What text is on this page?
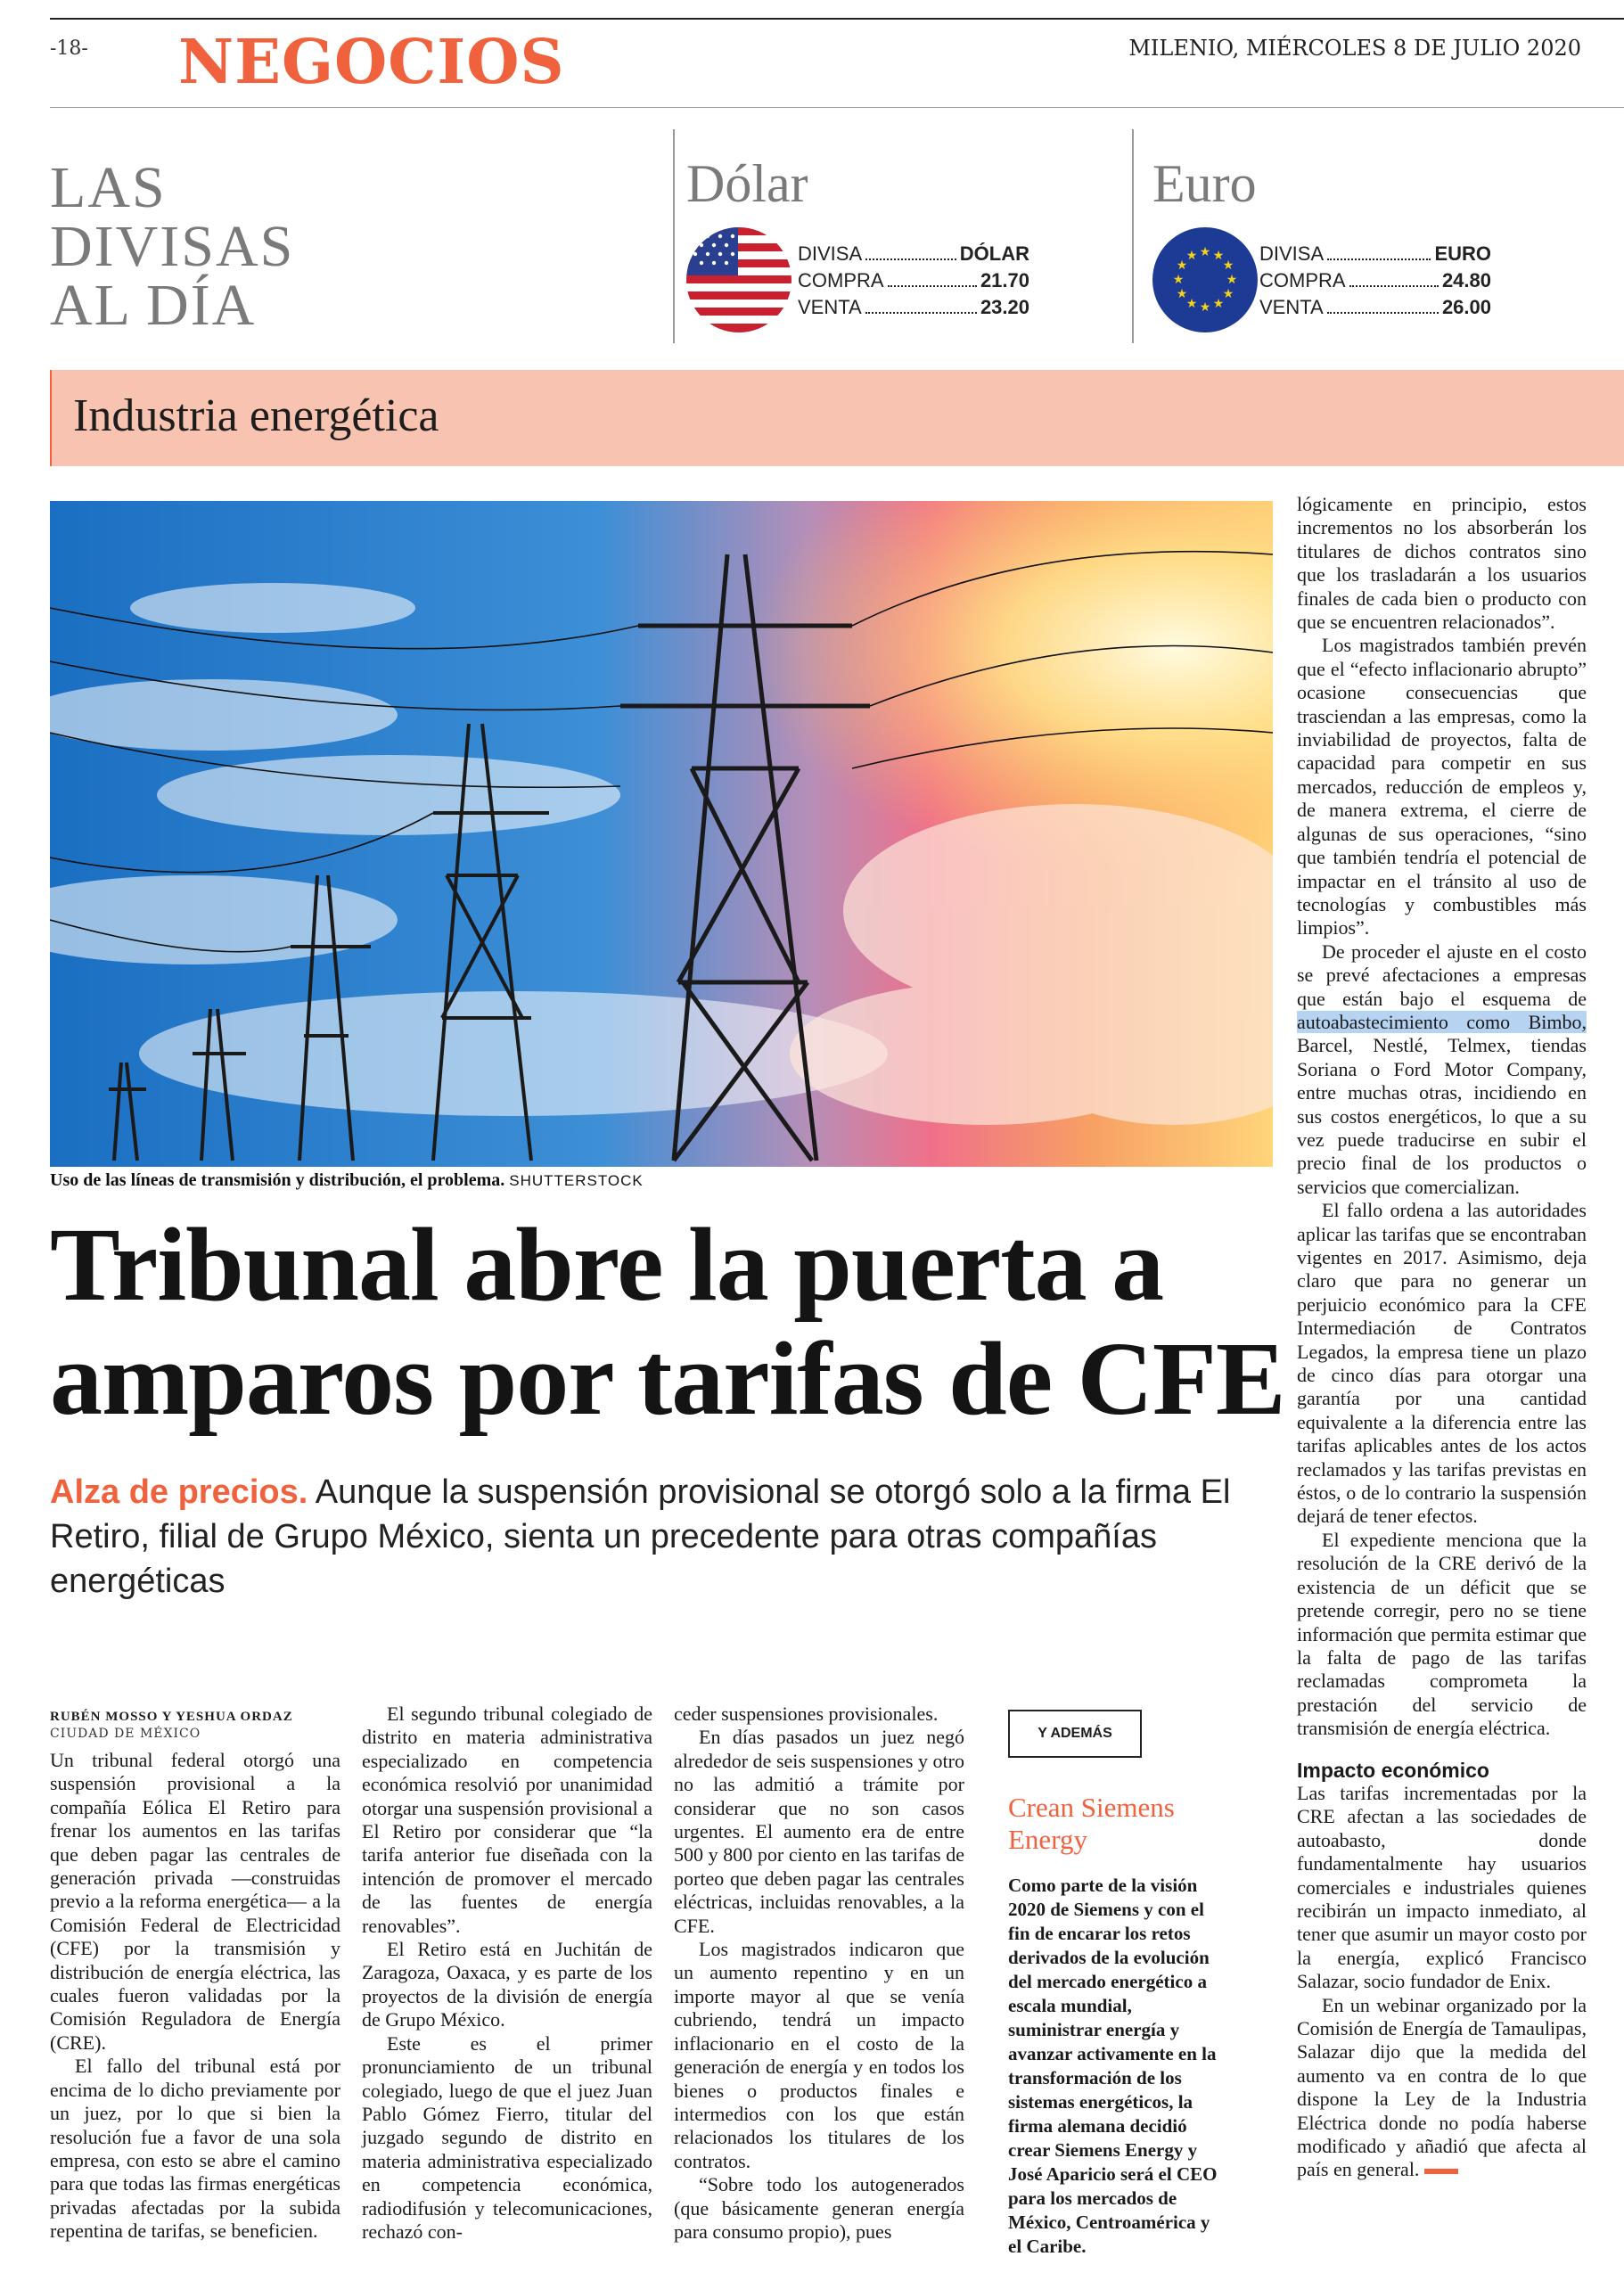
-18- NEGOCIOS	MILENIO, MIÉRCOLES 8 DE JULIO 2020
LAS
DIVISAS
AL DÍA
Dólar
DIVISA	DÓLAR
COMPRA	21.70
VENTA	23.20
Euro
★ ★
★
★
★
★
★
★
★
★
★
★	DIVISA	EURO
COMPRA	24.80
VENTA	26.00
Industria energética
Uso de las líneas de transmisión y distribución, el problema. SHUTTERSTOCK
Tribunal abre la puerta a
amparos por tarifas de CFE
Alza de precios. Aunque la suspensión provisional se otorgó solo a la firma El Retiro, filial de Grupo México, sienta un precedente para otras compañías energéticas
RUBÉN MOSSO Y YESHUA ORDAZ
CIUDAD DE MÉXICO

Un tribunal federal otorgó una suspensión provisional a la compañía Eólica El Retiro para frenar los aumentos en las tarifas que deben pagar las centrales de generación privada —construidas previo a la reforma energética— a la Comisión Federal de Electricidad (CFE) por la transmisión y distribución de energía eléctrica, las cuales fueron validadas por la Comisión Reguladora de Energía (CRE).

El fallo del tribunal está por encima de lo dicho previamente por un juez, por lo que si bien la resolución fue a favor de una sola empresa, con esto se abre el camino para que todas las firmas energéticas privadas afectadas por la subida repentina de tarifas, se beneficien.

El segundo tribunal colegiado de distrito en materia administrativa especializado en competencia económica resolvió por unanimidad otorgar una suspensión provisional a El Retiro por considerar que “la tarifa anterior fue diseñada con la intención de promover el mercado de las fuentes de energía renovables”.

El Retiro está en Juchitán de Zaragoza, Oaxaca, y es parte de los proyectos de la división de energía de Grupo México.

Este es el primer pronunciamiento de un tribunal colegiado, luego de que el juez Juan Pablo Gómez Fierro, titular del juzgado segundo de distrito en materia administrativa especializado en competencia económica, radiodifusión y telecomunicaciones, rechazó con-

ceder suspensiones provisionales.

En días pasados un juez negó alrededor de seis suspensiones y otro no las admitió a trámite por considerar que no son casos urgentes. El aumento era de entre 500 y 800 por ciento en las tarifas de porteo que deben pagar las centrales eléctricas, incluidas renovables, a la CFE.

Los magistrados indicaron que un aumento repentino y en un importe mayor al que se venía cubriendo, tendrá un impacto inflacionario en el costo de la generación de energía y en todos los bienes o productos finales e intermedios con los que están relacionados los titulares de los contratos.

“Sobre todo los autogenerados (que básicamente generan energía para consumo propio), pues

Y ADEMÁS
Crean Siemens Energy
Como parte de la visión 2020 de Siemens y con el fin de encarar los retos derivados de la evolución del mercado energético a escala mundial, suministrar energía y avanzar activamente en la transformación de los sistemas energéticos, la firma alemana decidió crear Siemens Energy y José Aparicio será el CEO para los mercados de México, Centroamérica y el Caribe.

lógicamente en principio, estos incrementos no los absorberán los titulares de dichos contratos sino que los trasladarán a los usuarios finales de cada bien o producto con que se encuentren relacionados”.

Los magistrados también prevén que el “efecto inflacionario abrupto” ocasione consecuencias que trasciendan a las empresas, como la inviabilidad de proyectos, falta de capacidad para competir en sus mercados, reducción de empleos y, de manera extrema, el cierre de algunas de sus operaciones, “sino que también tendría el potencial de impactar en el tránsito al uso de tecnologías y combustibles más limpios”.

De proceder el ajuste en el costo se prevé afectaciones a empresas que están bajo el esquema de autoabastecimiento como Bimbo, Barcel, Nestlé, Telmex, tiendas Soriana o Ford Motor Company, entre muchas otras, incidiendo en sus costos energéticos, lo que a su vez puede traducirse en subir el precio final de los productos o servicios que comercializan.

El fallo ordena a las autoridades aplicar las tarifas que se encontraban vigentes en 2017. Asimismo, deja claro que para no generar un perjuicio económico para la CFE Intermediación de Contratos Legados, la empresa tiene un plazo de cinco días para otorgar una garantía por una cantidad equivalente a la diferencia entre las tarifas aplicables antes de los actos reclamados y las tarifas previstas en éstos, o de lo contrario la suspensión dejará de tener efectos.

El expediente menciona que la resolución de la CRE derivó de la existencia de un déficit que se pretende corregir, pero no se tiene información que permita estimar que la falta de pago de las tarifas reclamadas comprometa la prestación del servicio de transmisión de energía eléctrica.

Impacto económico

Las tarifas incrementadas por la CRE afectan a las sociedades de autoabasto, donde fundamentalmente hay usuarios comerciales e industriales quienes recibirán un impacto inmediato, al tener que asumir un mayor costo por la energía, explicó Francisco Salazar, socio fundador de Enix.

En un webinar organizado por la Comisión de Energía de Tamaulipas, Salazar dijo que la medida del aumento va en contra de lo que dispone la Ley de la Industria Eléctrica donde no podía haberse modificado y añadió que afecta al país en general.
